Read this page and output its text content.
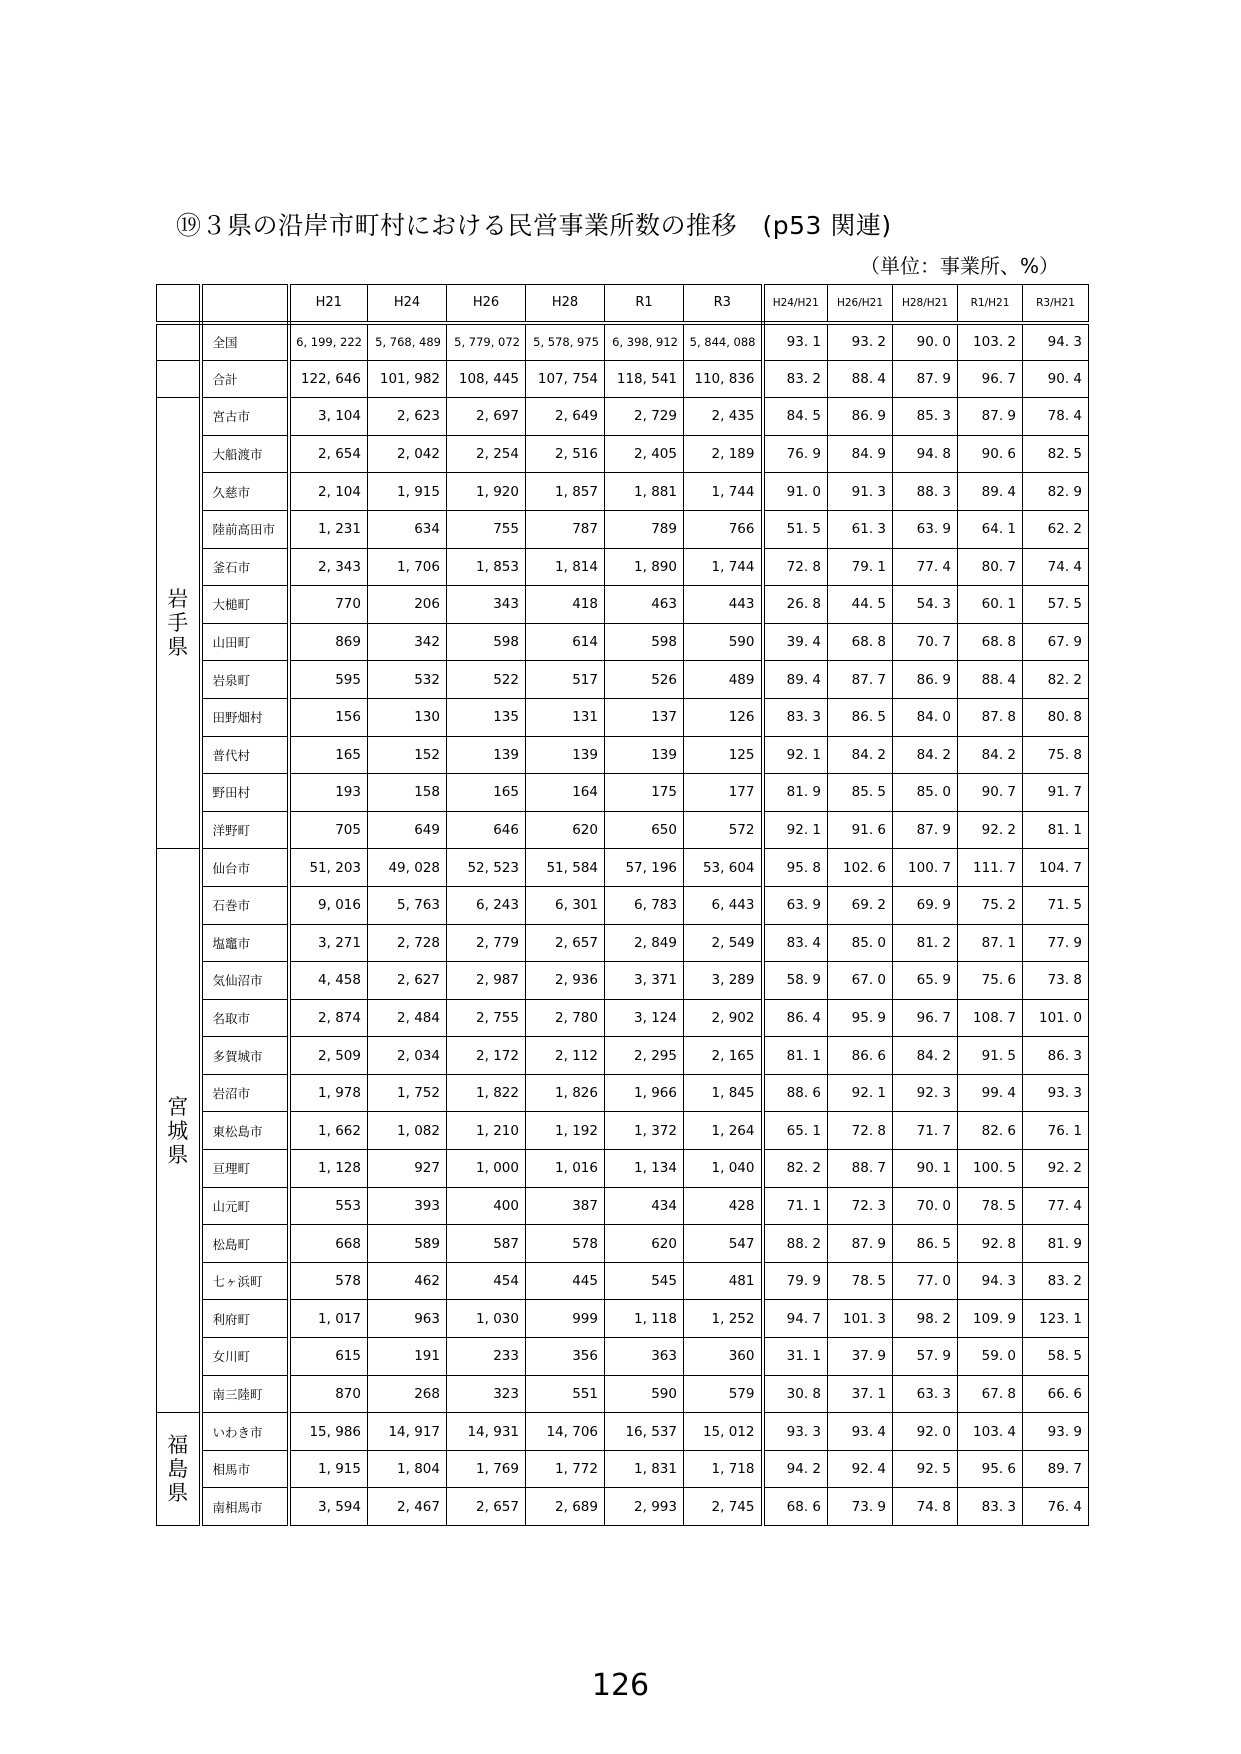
⑲３県の沿岸市町村における民営事業所数の推移　(p53 関連)
（単位：事業所、%）
		H21	H24	H26	H28	R1	R3	H24/H21	H26/H21	H28/H21	R1/H21	R3/H21
	全国	6, 199, 222	5, 768, 489	5, 779, 072	5, 578, 975	6, 398, 912	5, 844, 088	93. 1	93. 2	90. 0	103. 2	94. 3
	合計	122, 646	101, 982	108, 445	107, 754	118, 541	110, 836	83. 2	88. 4	87. 9	96. 7	90. 4
岩手県	宮古市	3, 104	2, 623	2, 697	2, 649	2, 729	2, 435	84. 5	86. 9	85. 3	87. 9	78. 4
	大船渡市	2, 654	2, 042	2, 254	2, 516	2, 405	2, 189	76. 9	84. 9	94. 8	90. 6	82. 5
	久慈市	2, 104	1, 915	1, 920	1, 857	1, 881	1, 744	91. 0	91. 3	88. 3	89. 4	82. 9
	陸前高田市	1, 231	634	755	787	789	766	51. 5	61. 3	63. 9	64. 1	62. 2
	釜石市	2, 343	1, 706	1, 853	1, 814	1, 890	1, 744	72. 8	79. 1	77. 4	80. 7	74. 4
	大槌町	770	206	343	418	463	443	26. 8	44. 5	54. 3	60. 1	57. 5
	山田町	869	342	598	614	598	590	39. 4	68. 8	70. 7	68. 8	67. 9
	岩泉町	595	532	522	517	526	489	89. 4	87. 7	86. 9	88. 4	82. 2
	田野畑村	156	130	135	131	137	126	83. 3	86. 5	84. 0	87. 8	80. 8
	普代村	165	152	139	139	139	125	92. 1	84. 2	84. 2	84. 2	75. 8
	野田村	193	158	165	164	175	177	81. 9	85. 5	85. 0	90. 7	91. 7
	洋野町	705	649	646	620	650	572	92. 1	91. 6	87. 9	92. 2	81. 1
宮城県	仙台市	51, 203	49, 028	52, 523	51, 584	57, 196	53, 604	95. 8	102. 6	100. 7	111. 7	104. 7
	石巻市	9, 016	5, 763	6, 243	6, 301	6, 783	6, 443	63. 9	69. 2	69. 9	75. 2	71. 5
	塩竈市	3, 271	2, 728	2, 779	2, 657	2, 849	2, 549	83. 4	85. 0	81. 2	87. 1	77. 9
	気仙沼市	4, 458	2, 627	2, 987	2, 936	3, 371	3, 289	58. 9	67. 0	65. 9	75. 6	73. 8
	名取市	2, 874	2, 484	2, 755	2, 780	3, 124	2, 902	86. 4	95. 9	96. 7	108. 7	101. 0
	多賀城市	2, 509	2, 034	2, 172	2, 112	2, 295	2, 165	81. 1	86. 6	84. 2	91. 5	86. 3
	岩沼市	1, 978	1, 752	1, 822	1, 826	1, 966	1, 845	88. 6	92. 1	92. 3	99. 4	93. 3
	東松島市	1, 662	1, 082	1, 210	1, 192	1, 372	1, 264	65. 1	72. 8	71. 7	82. 6	76. 1
	亘理町	1, 128	927	1, 000	1, 016	1, 134	1, 040	82. 2	88. 7	90. 1	100. 5	92. 2
	山元町	553	393	400	387	434	428	71. 1	72. 3	70. 0	78. 5	77. 4
	松島町	668	589	587	578	620	547	88. 2	87. 9	86. 5	92. 8	81. 9
	七ヶ浜町	578	462	454	445	545	481	79. 9	78. 5	77. 0	94. 3	83. 2
	利府町	1, 017	963	1, 030	999	1, 118	1, 252	94. 7	101. 3	98. 2	109. 9	123. 1
	女川町	615	191	233	356	363	360	31. 1	37. 9	57. 9	59. 0	58. 5
	南三陸町	870	268	323	551	590	579	30. 8	37. 1	63. 3	67. 8	66. 6
福島県	いわき市	15, 986	14, 917	14, 931	14, 706	16, 537	15, 012	93. 3	93. 4	92. 0	103. 4	93. 9
	相馬市	1, 915	1, 804	1, 769	1, 772	1, 831	1, 718	94. 2	92. 4	92. 5	95. 6	89. 7
	南相馬市	3, 594	2, 467	2, 657	2, 689	2, 993	2, 745	68. 6	73. 9	74. 8	83. 3	76. 4
126
